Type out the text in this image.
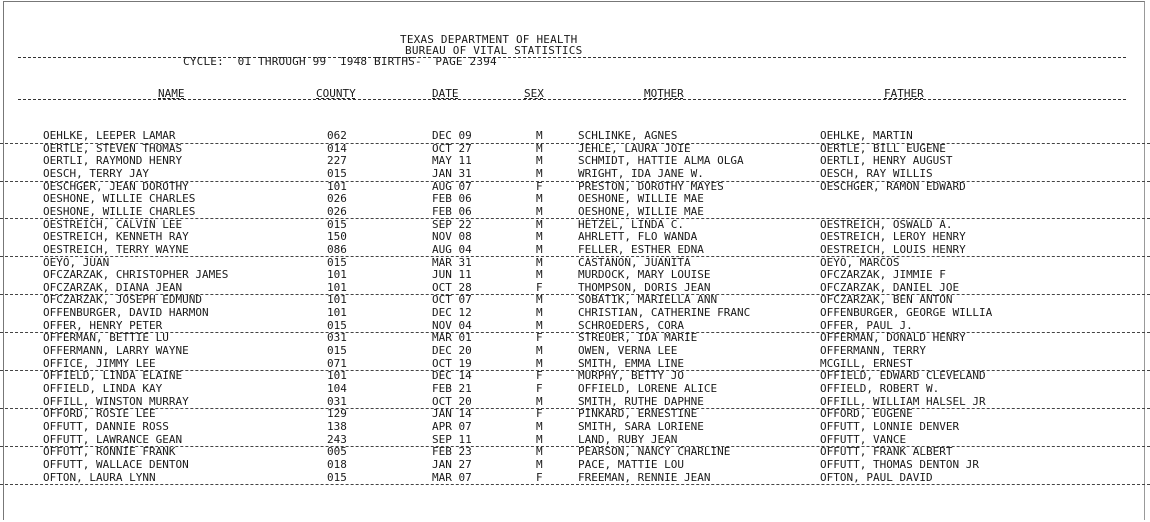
TEXAS DEPARTMENT OF HEALTH
BUREAU OF VITAL STATISTICS
CYCLE:  01 THROUGH 99  1948 BIRTHS-  PAGE 2394
NAME	COUNTY	DATE	SEX	MOTHER	FATHER
OEHLKE, LEEPER LAMAR	062	DEC 09	M	SCHLINKE, AGNES	OEHLKE, MARTIN
OERTLE, STEVEN THOMAS	014	OCT 27	M	JEHLE, LAURA JOIE	OERTLE, BILL EUGENE
OERTLI, RAYMOND HENRY	227	MAY 11	M	SCHMIDT, HATTIE ALMA OLGA	OERTLI, HENRY AUGUST
OESCH, TERRY JAY	015	JAN 31	M	WRIGHT, IDA JANE W.	OESCH, RAY WILLIS
OESCHGER, JEAN DOROTHY	101	AUG 07	F	PRESTON, DOROTHY MAYES	OESCHGER, RAMON EDWARD
OESHONE, WILLIE CHARLES	026	FEB 06	M	OESHONE, WILLIE MAE
OESHONE, WILLIE CHARLES	026	FEB 06	M	OESHONE, WILLIE MAE
OESTREICH, CALVIN LEE	015	SEP 22	M	HETZEL, LINDA C.	OESTREICH, OSWALD A.
OESTREICH, KENNETH RAY	150	NOV 08	M	AHRLETT, FLO WANDA	OESTREICH, LEROY HENRY
OESTREICH, TERRY WAYNE	086	AUG 04	M	FELLER, ESTHER EDNA	OESTREICH, LOUIS HENRY
OEYO, JUAN	015	MAR 31	M	CASTANON, JUANITA	OEYO, MARCOS
OFCZARZAK, CHRISTOPHER JAMES	101	JUN 11	M	MURDOCK, MARY LOUISE	OFCZARZAK, JIMMIE F
OFCZARZAK, DIANA JEAN	101	OCT 28	F	THOMPSON, DORIS JEAN	OFCZARZAK, DANIEL JOE
OFCZARZAK, JOSEPH EDMUND	101	OCT 07	M	SOBATIK, MARIELLA ANN	OFCZARZAK, BEN ANTON
OFFENBURGER, DAVID HARMON	101	DEC 12	M	CHRISTIAN, CATHERINE FRANC	OFFENBURGER, GEORGE WILLIA
OFFER, HENRY PETER	015	NOV 04	M	SCHROEDERS, CORA	OFFER, PAUL J.
OFFERMAN, BETTIE LU	031	MAR 01	F	STREUER, IDA MARIE	OFFERMAN, DONALD HENRY
OFFERMANN, LARRY WAYNE	015	DEC 20	M	OWEN, VERNA LEE	OFFERMANN, TERRY
OFFICE, JIMMY LEE	071	OCT 19	M	SMITH, EMMA LINE	MCGILL, ERNEST
OFFIELD, LINDA ELAINE	101	DEC 14	F	MURPHY, BETTY JO	OFFIELD, EDWARD CLEVELAND
OFFIELD, LINDA KAY	104	FEB 21	F	OFFIELD, LORENE ALICE	OFFIELD, ROBERT W.
OFFILL, WINSTON MURRAY	031	OCT 20	M	SMITH, RUTHE DAPHNE	OFFILL, WILLIAM HALSEL JR
OFFORD, ROSIE LEE	129	JAN 14	F	PINKARD, ERNESTINE	OFFORD, EUGENE
OFFUTT, DANNIE ROSS	138	APR 07	M	SMITH, SARA LORIENE	OFFUTT, LONNIE DENVER
OFFUTT, LAWRANCE GEAN	243	SEP 11	M	LAND, RUBY JEAN	OFFUTT, VANCE
OFFUTT, RONNIE FRANK	005	FEB 23	M	PEARSON, NANCY CHARLINE	OFFUTT, FRANK ALBERT
OFFUTT, WALLACE DENTON	018	JAN 27	M	PACE, MATTIE LOU	OFFUTT, THOMAS DENTON JR
OFTON, LAURA LYNN	015	MAR 07	F	FREEMAN, RENNIE JEAN	OFTON, PAUL DAVID
